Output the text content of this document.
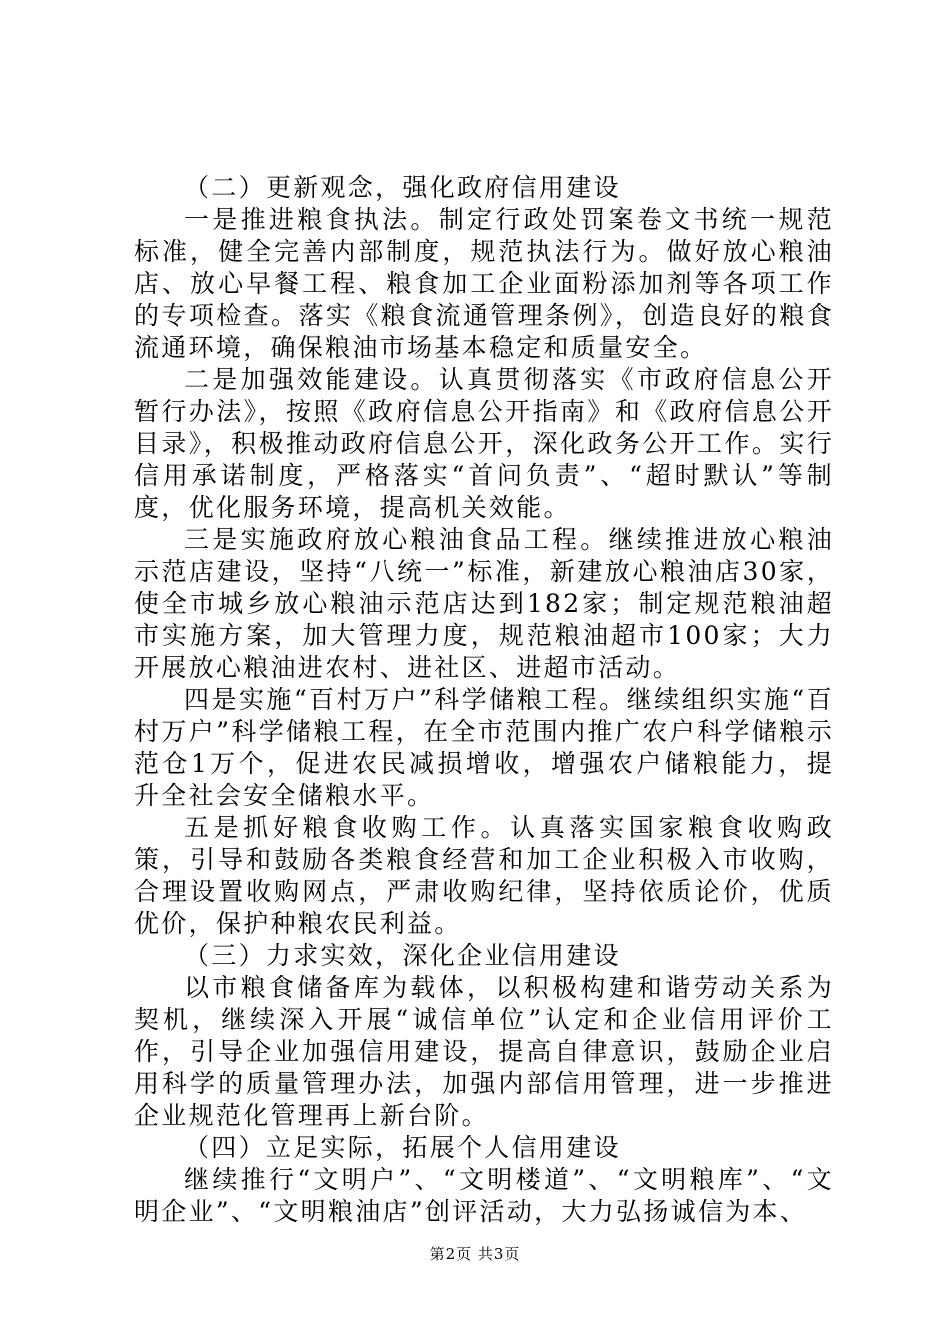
（二）更新观念，强化政府信用建设

一是推进粮食执法。制定行政处罚案卷文书统一规范标准，健全完善内部制度，规范执法行为。做好放心粮油店、放心早餐工程、粮食加工企业面粉添加剂等各项工作的专项检查。落实《粮食流通管理条例》，创造良好的粮食流通环境，确保粮油市场基本稳定和质量安全。

二是加强效能建设。认真贯彻落实《市政府信息公开暂行办法》，按照《政府信息公开指南》和《政府信息公开目录》，积极推动政府信息公开，深化政务公开工作。实行信用承诺制度，严格落实“首问负责”、“超时默认”等制度，优化服务环境，提高机关效能。

三是实施政府放心粮油食品工程。继续推进放心粮油示范店建设，坚持“八统一”标准，新建放心粮油店30家，使全市城乡放心粮油示范店达到182家；制定规范粮油超市实施方案，加大管理力度，规范粮油超市100家；大力开展放心粮油进农村、进社区、进超市活动。

四是实施“百村万户”科学储粮工程。继续组织实施“百村万户”科学储粮工程，在全市范围内推广农户科学储粮示范仓1万个，促进农民减损增收，增强农户储粮能力，提升全社会安全储粮水平。

五是抓好粮食收购工作。认真落实国家粮食收购政策，引导和鼓励各类粮食经营和加工企业积极入市收购，合理设置收购网点，严肃收购纪律，坚持依质论价，优质优价，保护种粮农民利益。

（三）力求实效，深化企业信用建设

以市粮食储备库为载体，以积极构建和谐劳动关系为契机，继续深入开展“诚信单位”认定和企业信用评价工作，引导企业加强信用建设，提高自律意识，鼓励企业启用科学的质量管理办法，加强内部信用管理，进一步推进企业规范化管理再上新台阶。

（四）立足实际，拓展个人信用建设

继续推行“文明户”、“文明楼道”、“文明粮库”、“文明企业”、“文明粮油店”创评活动，大力弘扬诚信为本、

第2页 共3页
